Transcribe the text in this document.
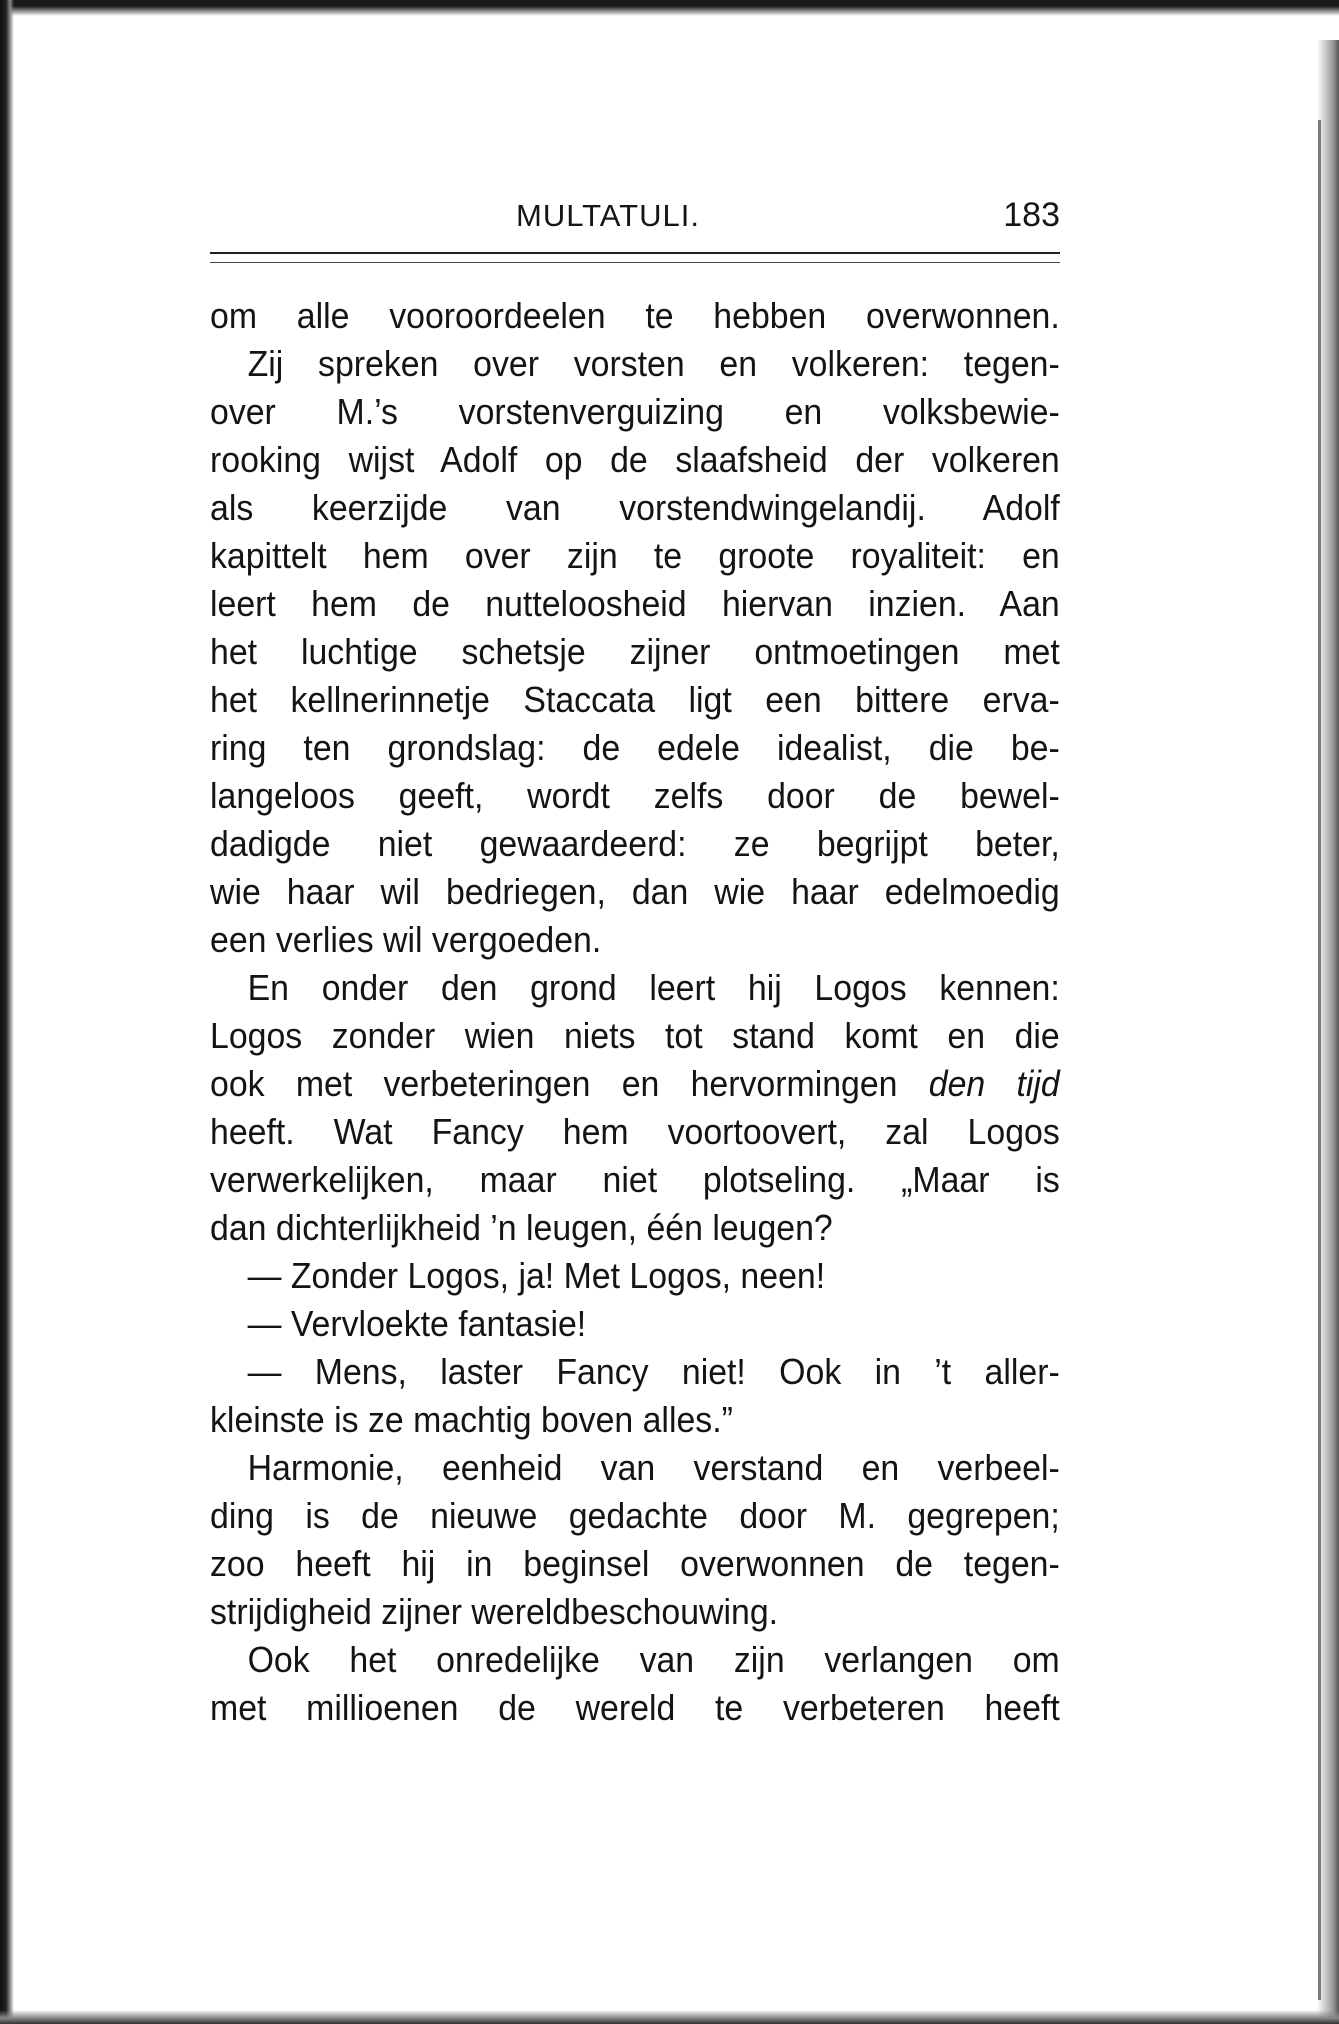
MULTATULI.	183
om alle vooroordeelen te hebben overwonnen.
Zij spreken over vorsten en volkeren: tegen-
over M.’s vorstenverguizing en volksbewie-
rooking wijst Adolf op de slaafsheid der volkeren
als keerzijde van vorstendwingelandij. Adolf
kapittelt hem over zijn te groote royaliteit: en
leert hem de nutteloosheid hiervan inzien. Aan
het luchtige schetsje zijner ontmoetingen met
het kellnerinnetje Staccata ligt een bittere erva-
ring ten grondslag: de edele idealist, die be-
langeloos geeft, wordt zelfs door de bewel-
dadigde niet gewaardeerd: ze begrijpt beter,
wie haar wil bedriegen, dan wie haar edelmoedig
een verlies wil vergoeden.
En onder den grond leert hij Logos kennen:
Logos zonder wien niets tot stand komt en die
ook met verbeteringen en hervormingen den tijd
heeft. Wat Fancy hem voortoovert, zal Logos
verwerkelijken, maar niet plotseling. „Maar is
dan dichterlijkheid ’n leugen, één leugen?
— Zonder Logos, ja! Met Logos, neen!
— Vervloekte fantasie!
— Mens, laster Fancy niet! Ook in ’t aller-
kleinste is ze machtig boven alles.”
Harmonie, eenheid van verstand en verbeel-
ding is de nieuwe gedachte door M. gegrepen;
zoo heeft hij in beginsel overwonnen de tegen-
strijdigheid zijner wereldbeschouwing.
Ook het onredelijke van zijn verlangen om
met millioenen de wereld te verbeteren heeft
